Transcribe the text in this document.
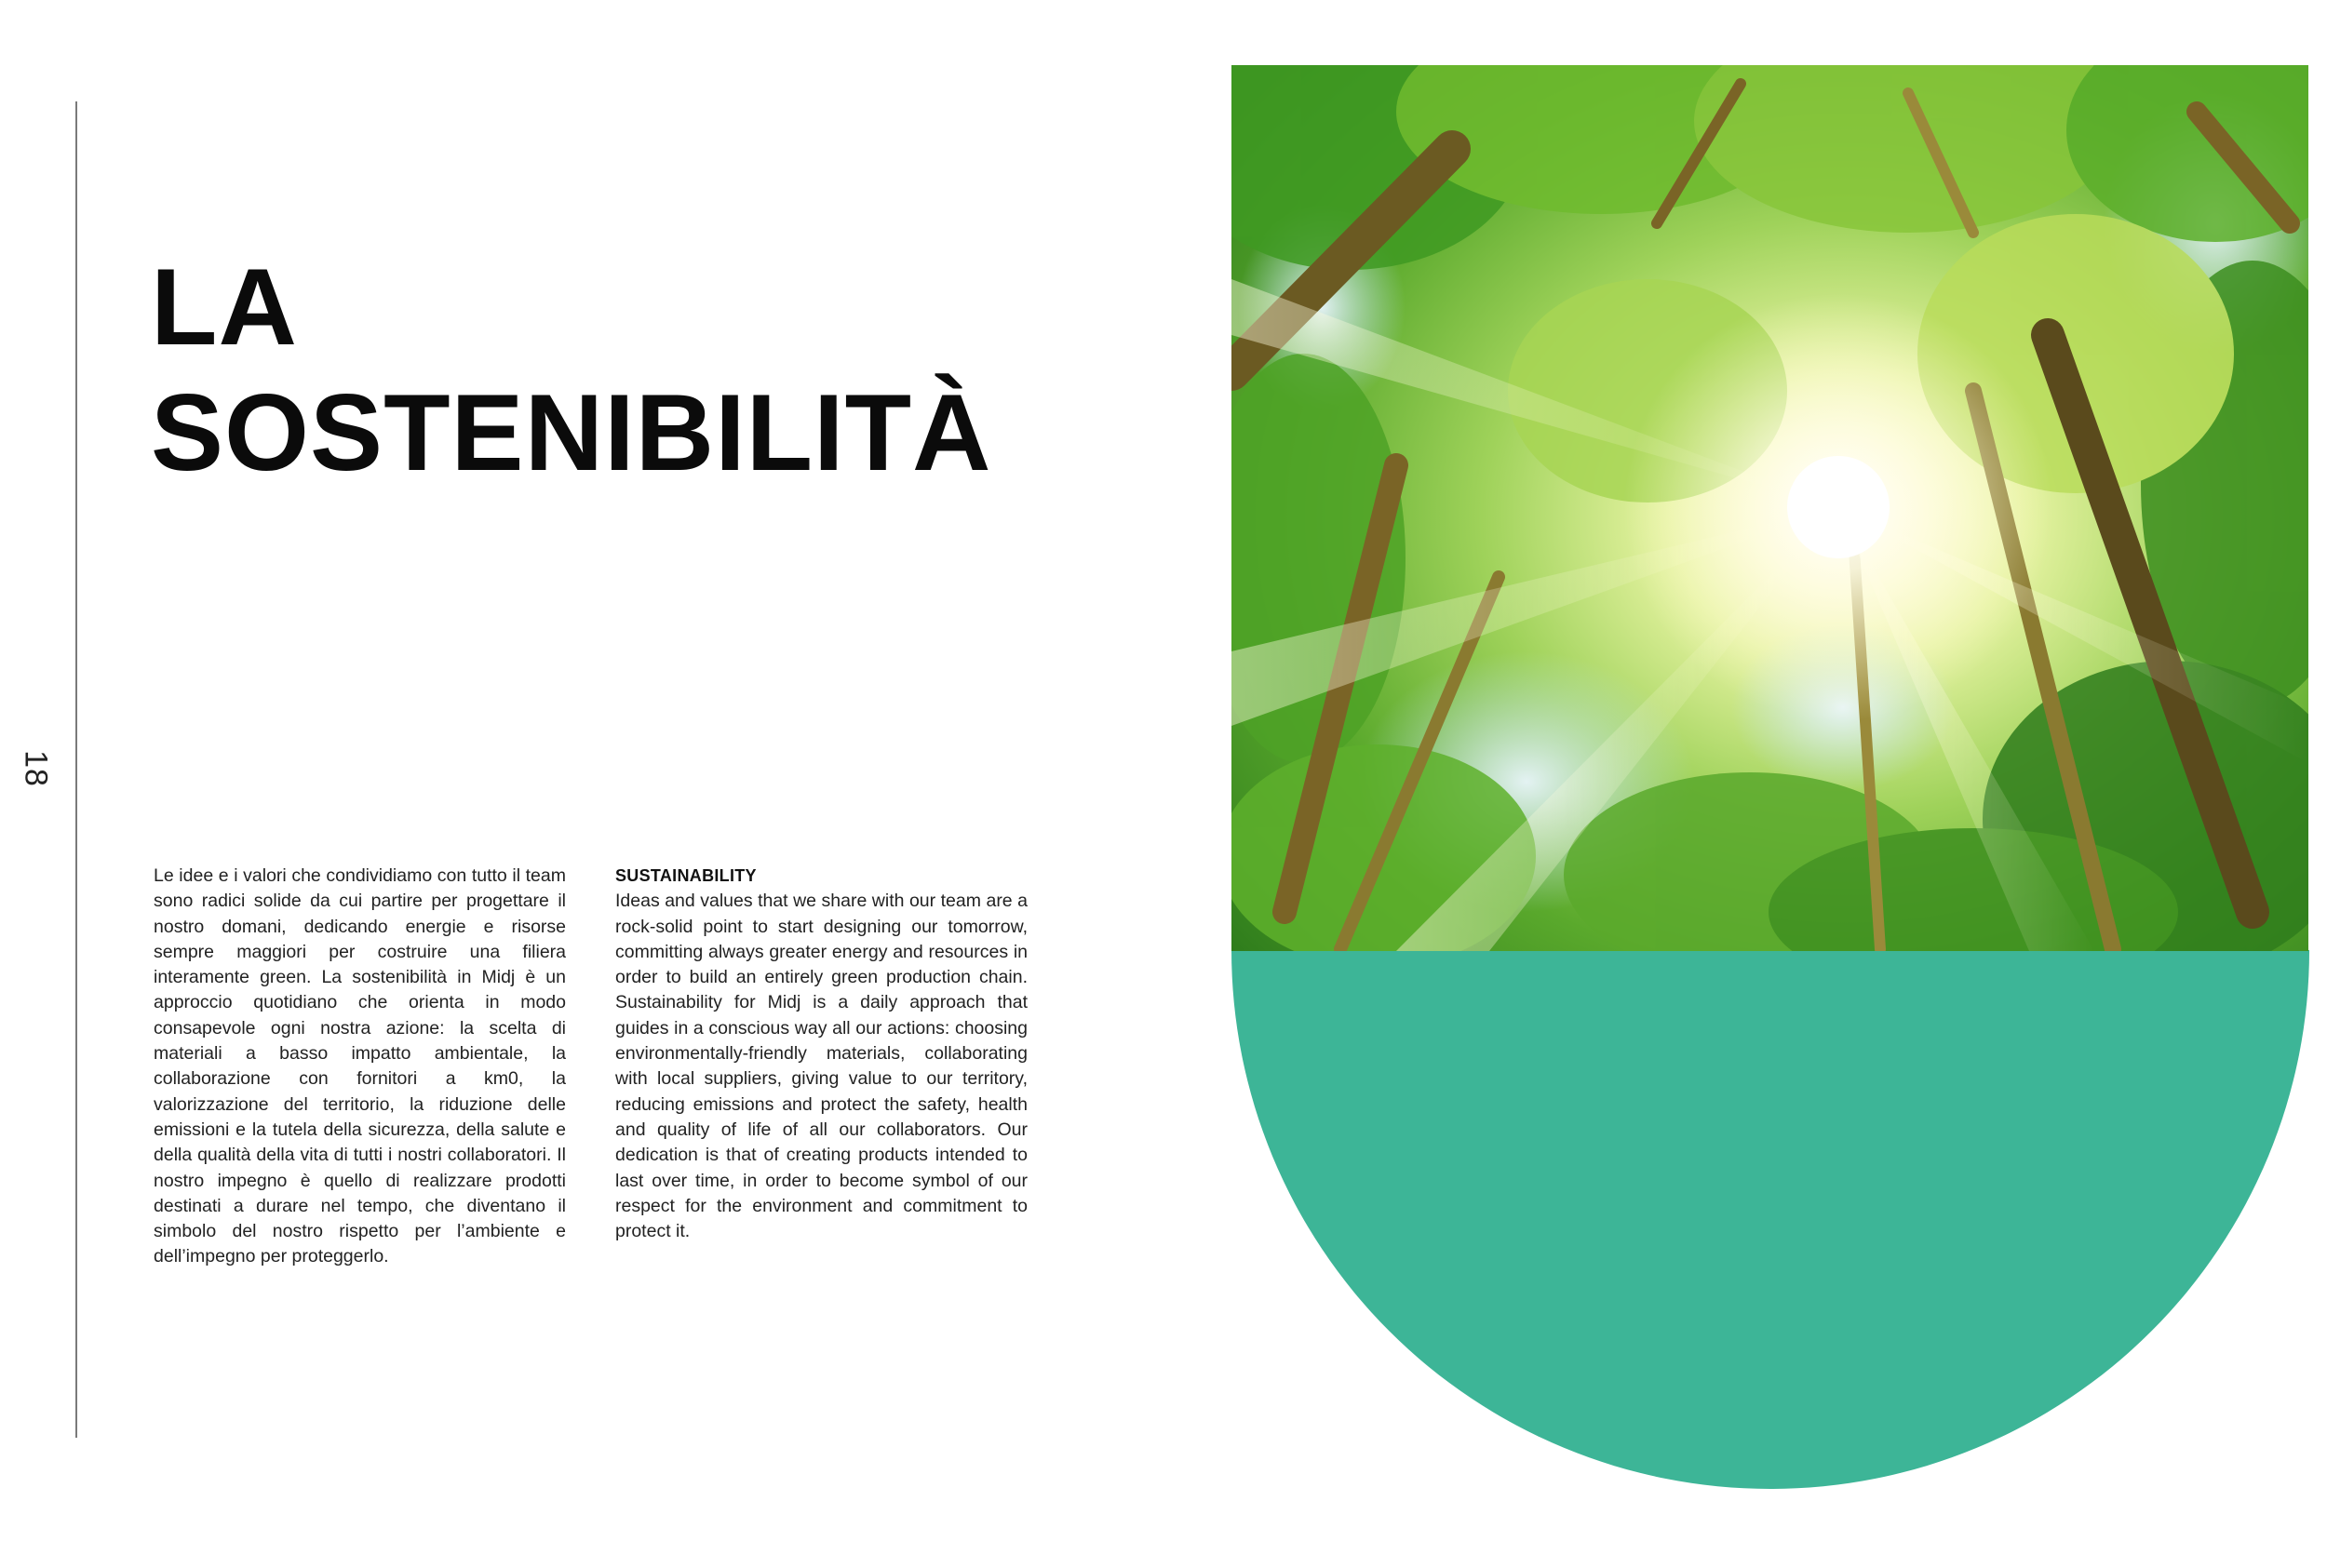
18
LA
SOSTENIBILITÀ

Le idee e i valori che condividiamo con tutto il team sono radici solide da cui partire per progettare il nostro domani, dedicando energie e risorse sempre maggiori per costruire una filiera interamente green. La sostenibilità in Midj è un approccio quotidiano che orienta in modo consapevole ogni nostra azione: la scelta di materiali a basso impatto ambientale, la collaborazione con fornitori a km0, la valorizzazione del territorio, la riduzione delle emissioni e la tutela della sicurezza, della salute e della qualità della vita di tutti i nostri collaboratori. Il nostro impegno è quello di realizzare prodotti destinati a durare nel tempo, che diventano il simbolo del nostro rispetto per l’ambiente e dell’impegno per proteggerlo.

SUSTAINABILITY

Ideas and values that we share with our team are a rock-solid point to start designing our tomorrow, committing always greater energy and resources in order to build an entirely green production chain. Sustainability for Midj is a daily approach that guides in a conscious way all our actions: choosing environmentally-friendly materials, collaborating with local suppliers, giving value to our territory, reducing emissions and protect the safety, health and quality of life of all our collaborators. Our dedication is that of creating products intended to last over time, in order to become symbol of our respect for the environment and commitment to protect it.
